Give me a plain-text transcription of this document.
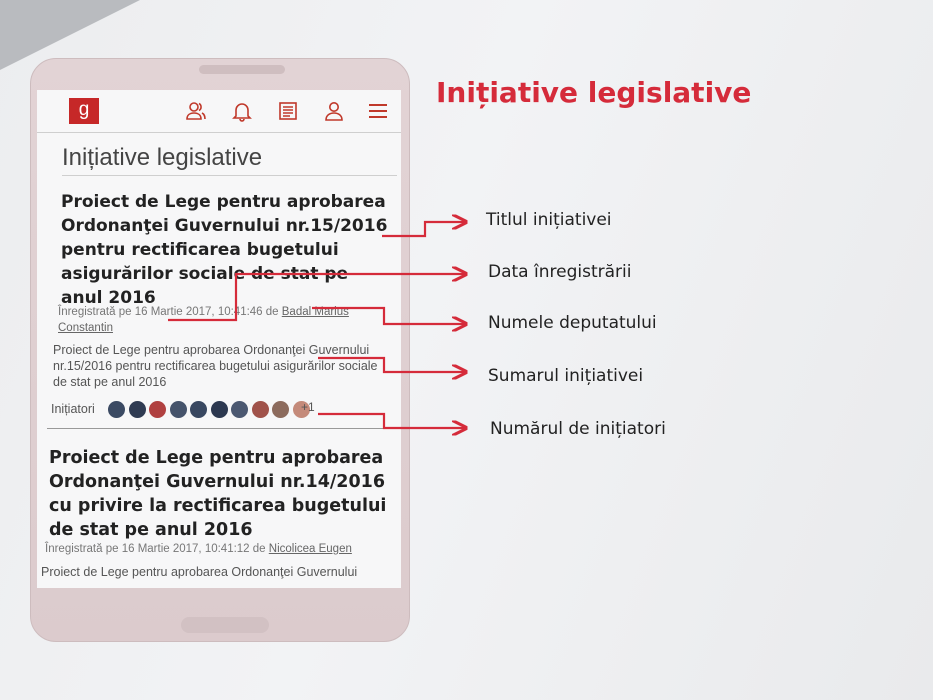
g
Inițiative legislative
Proiect de Lege pentru aprobarea Ordonanţei Guvernului nr.15/2016 pentru rectificarea bugetului asigurărilor sociale de stat pe anul 2016
Înregistrată pe 16 Martie 2017, 10:41:46 de Badal Marius Constantin
Proiect de Lege pentru aprobarea Ordonanţei Guvernului nr.15/2016 pentru rectificarea bugetului asigurărilor sociale de stat pe anul 2016
Inițiatori	+1
Proiect de Lege pentru aprobarea Ordonanţei Guvernului nr.14/2016 cu privire la rectificarea bugetului de stat pe anul 2016
Înregistrată pe 16 Martie 2017, 10:41:12 de Nicolicea Eugen
Proiect de Lege pentru aprobarea Ordonanţei Guvernului
Inițiative legislative
Titlul inițiativei
Data înregistrării
Numele deputatului
Sumarul inițiativei
Numărul de inițiatori
